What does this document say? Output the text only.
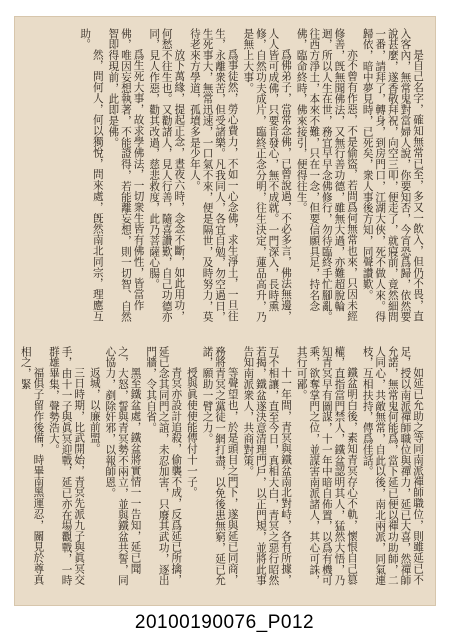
是自己名字，確知無常已至，多又一飲入，但仍不畏，直入客內，無常鬼對當婦人說，你要知否，今宵恐爲歸，依然要說甚麼，遂香敬拜祝，向空三叩，便走了，就寢前，竟然細問一番，請拜了，轉身，到房門口，江湖大俠，死不做人來。得歸依，暗中夢見時，已死矣，衆人事後方知，同聲讚歎。

亦不曾有作惡，不是偷盜，若問爲何無常也來，只因未經修善，旣無聞佛法，又無行善功德，雖無大過，亦難超脫輪迴，所以人生在世，務宜早早念佛修行，勿待臨終手忙腳亂。往西方淨土，本來不難，只在一念，但要信願具足，持名念佛，臨命終時，佛來接引，便得往生。

爲佛弟子，當常念佛，已曾說過，不必多言，佛法無邊，人人皆可成佛，只要肯發心，無不成就。一門深入，長時熏修，自然功夫成片，臨終正念分明，往生決定，蓮品高升，乃是無上大事。

爲事徒然，勞心費力，不如一心念佛，求生淨土，一旦往生，永離衆苦，但受諸樂。凡我同人，各宜自勉，勿空過日，生死事大，無常迅速，一口氣不來，便是隔世，及時努力，莫待老來方學道，孤墳多是少年人。

放下萬緣，提起正念，晝夜六時，念念不斷，如此用功，何愁不往生也。又勸諸人，見人行善，隨喜讚歎，自己功德亦同，見人作惡，勸其改過，慈悲救度，此乃菩薩心腸。

爲生死大事，故求學佛法，一切衆生皆有佛性，皆當作佛，唯因妄想執著，不能證得，若能離妄想，則一切智、自然智即得現前，此即是佛。

然，問何人，何以獨悅，問來處，旣然南北同宗，理應互助。

如延已允助之等同南派禪師職位，則雖延已不足，授以南派禪師職位與禪力，延已大喜，然禪師允諾，無常鬼何能爲，當下延已便以禪功助師，二人同心，共敵無常，自此以後，南北兩派，同氣連枝，互相扶持，傳爲佳話。

鐵盆明白後，素知青冥存心不軌，懷恨自己篡權，直指當門禁人，鐵盆認明其人，猛然大悟，乃知青冥早有圖謀，十一年中暗自佈置，以爲有機可乘，欲奪掌門之位，並謀害南派諸人，其心可誅，其行可鄙。

十一年間，青冥與鐵盆南北對峙，各有所據，互不相讓，直至今日，真相大白，青冥之惡行昭然若揭，鐵盆遂決意清理門戶，以正門規，並將此事告知南派衆人，共商對策。

等聲望也，於是頭目之門下，遂與延已同商，務將青冥之黨徒一網打盡，以免後患無窮，延已允諾，願助一臂之力。

授與眞使使能傳付十一子。

青冥亦設計追殺，偷襲不成，反爲延已所擒，延已念其同門之誼，未忍加害，只廢其武功，逐出門牆，令其自省。

黑至鐵盆處，鐵盆將實情一一告知，延已聞之，大怒，誓與青冥勢不兩立，並與鐵盆共誓，同心協力，剷除奸邪，以報師恩。

返城，以廉前盟。

三日時期，比武開始，青冥先派九子與眞冥交手，由十一子與眞冥迎戰，延已亦在場觀戰，一時群雄畢集，聲勢浩大。

福俱子留作後備，時畢南黑運忍，關見於尊真相之，緊

20100190076_P012
